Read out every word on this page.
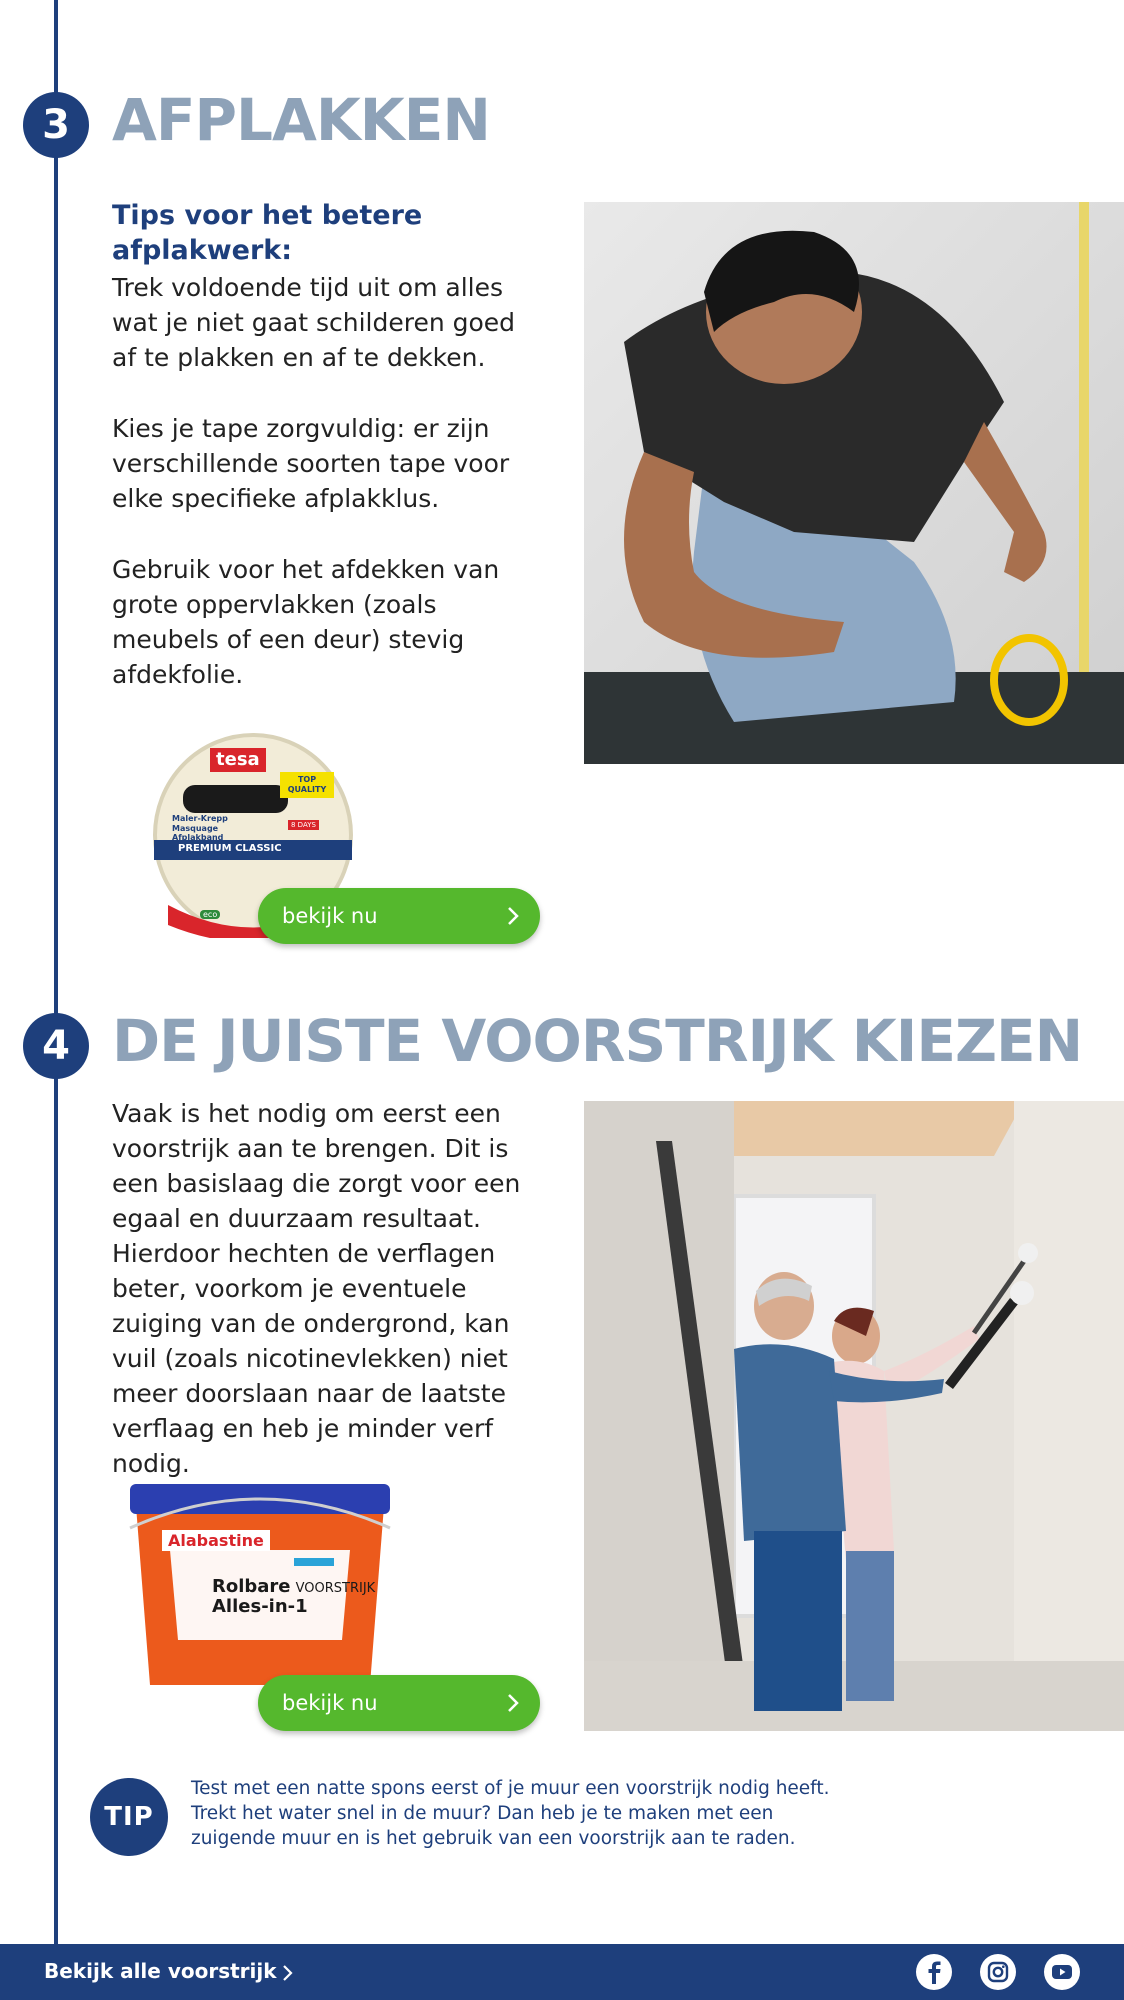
3 AFPLAKKEN
Tips voor het betere afplakwerk:
Trek voldoende tijd uit om alles wat je niet gaat schilderen goed af te plakken en af te dekken.
Kies je tape zorgvuldig: er zijn verschillende soorten tape voor elke specifieke afplakklus.
Gebruik voor het afdekken van grote oppervlakken (zoals meubels of een deur) stevig afdekfolie.
tesa
TOP QUALITY
Maler-Krepp
Masquage
Afplakband
8 DAYS
PREMIUM CLASSIC
eco	bekijk nu
4 DE JUISTE VOORSTRIJK KIEZEN
Vaak is het nodig om eerst een voorstrijk aan te brengen. Dit is een basislaag die zorgt voor een egaal en duurzaam resultaat. Hierdoor hechten de verflagen beter, voorkom je eventuele zuiging van de ondergrond, kan vuil (zoals nicotinevlekken) niet meer doorslaan naar de laatste verflaag en heb je minder verf nodig.
Alabastine
Rolbare VOORSTRIJK
Alles-in-1
bekijk nu
TIP
Test met een natte spons eerst of je muur een voorstrijk nodig heeft. Trekt het water snel in de muur? Dan heb je te maken met een zuigende muur en is het gebruik van een voorstrijk aan te raden.
Bekijk alle voorstrijk
